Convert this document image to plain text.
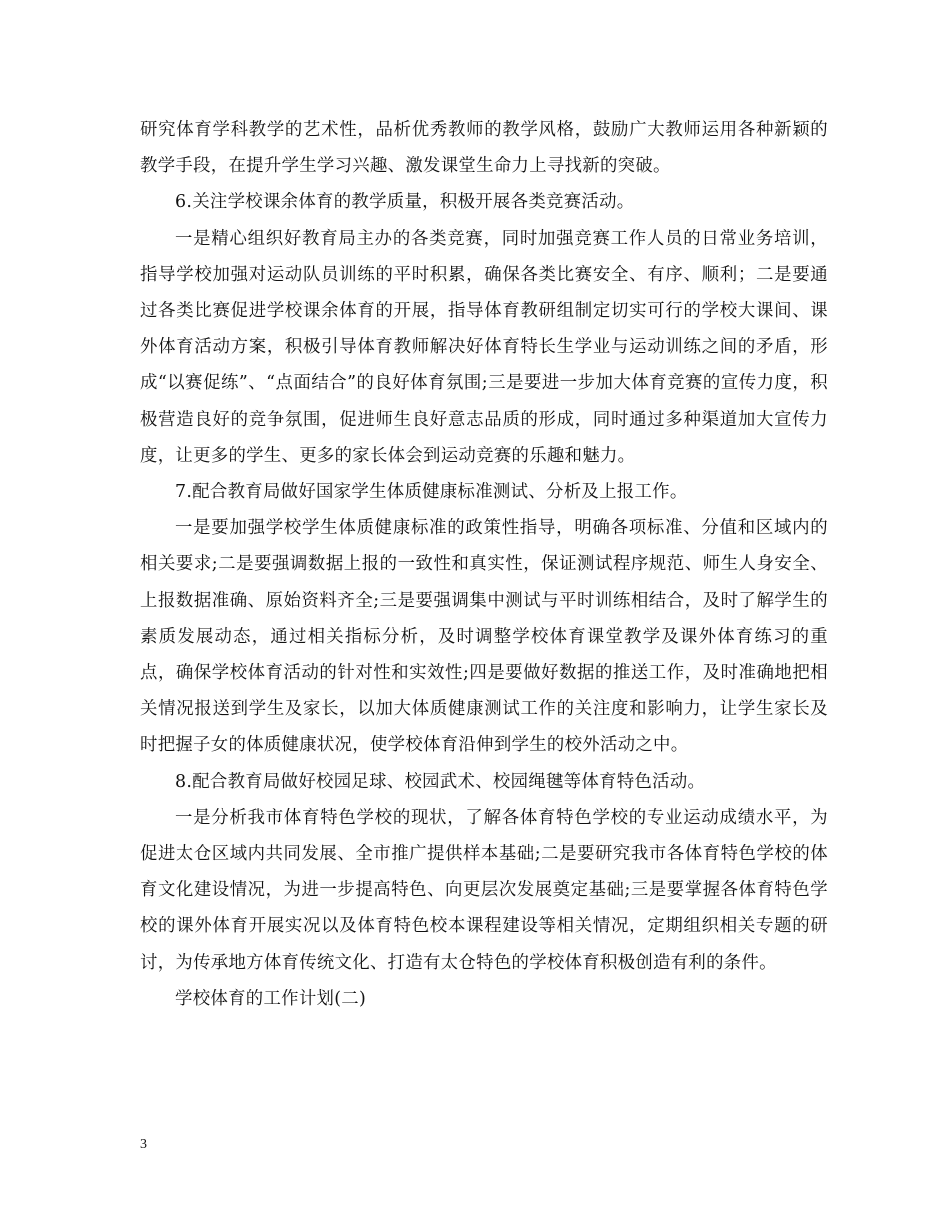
研究体育学科教学的艺术性，品析优秀教师的教学风格，鼓励广大教师运用各种新颖的教学手段，在提升学生学习兴趣、激发课堂生命力上寻找新的突破。

6.关注学校课余体育的教学质量，积极开展各类竞赛活动。

一是精心组织好教育局主办的各类竞赛，同时加强竞赛工作人员的日常业务培训，指导学校加强对运动队员训练的平时积累，确保各类比赛安全、有序、顺利；二是要通过各类比赛促进学校课余体育的开展，指导体育教研组制定切实可行的学校大课间、课外体育活动方案，积极引导体育教师解决好体育特长生学业与运动训练之间的矛盾，形成“以赛促练”、“点面结合”的良好体育氛围;三是要进一步加大体育竞赛的宣传力度，积极营造良好的竞争氛围，促进师生良好意志品质的形成，同时通过多种渠道加大宣传力度，让更多的学生、更多的家长体会到运动竞赛的乐趣和魅力。

7.配合教育局做好国家学生体质健康标准测试、分析及上报工作。

一是要加强学校学生体质健康标准的政策性指导，明确各项标准、分值和区域内的相关要求;二是要强调数据上报的一致性和真实性，保证测试程序规范、师生人身安全、上报数据准确、原始资料齐全;三是要强调集中测试与平时训练相结合，及时了解学生的素质发展动态，通过相关指标分析，及时调整学校体育课堂教学及课外体育练习的重点，确保学校体育活动的针对性和实效性;四是要做好数据的推送工作，及时准确地把相关情况报送到学生及家长，以加大体质健康测试工作的关注度和影响力，让学生家长及时把握子女的体质健康状况，使学校体育沿伸到学生的校外活动之中。

8.配合教育局做好校园足球、校园武术、校园绳毽等体育特色活动。

一是分析我市体育特色学校的现状，了解各体育特色学校的专业运动成绩水平，为促进太仓区域内共同发展、全市推广提供样本基础;二是要研究我市各体育特色学校的体育文化建设情况，为进一步提高特色、向更层次发展奠定基础;三是要掌握各体育特色学校的课外体育开展实况以及体育特色校本课程建设等相关情况，定期组织相关专题的研讨，为传承地方体育传统文化、打造有太仓特色的学校体育积极创造有利的条件。

学校体育的工作计划(二)

3
